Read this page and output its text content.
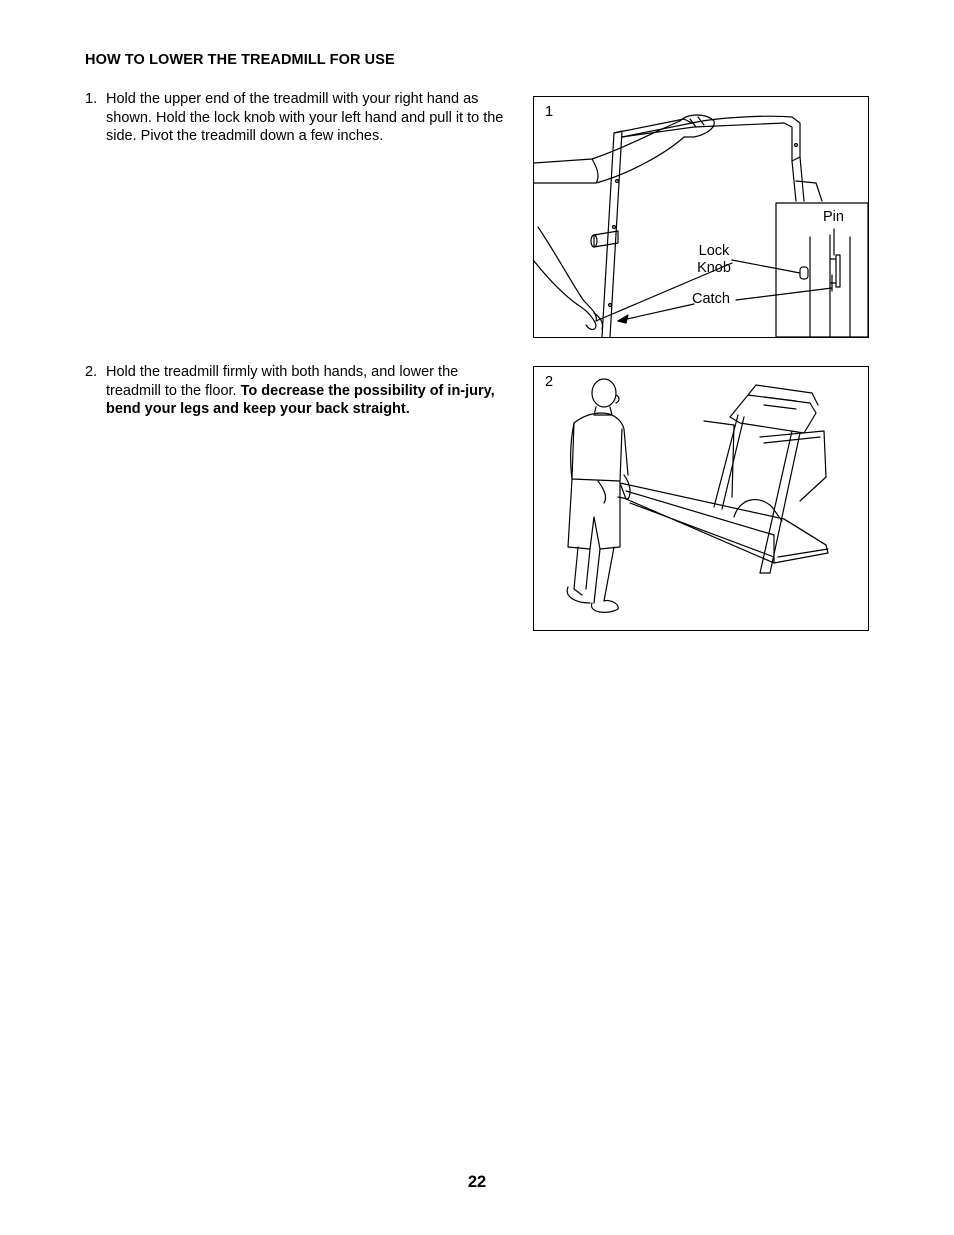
HOW TO LOWER THE TREADMILL FOR USE
1. Hold the upper end of the treadmill with your right hand as shown. Hold the lock knob with your left hand and pull it to the side. Pivot the treadmill down a few inches.
2. Hold the treadmill firmly with both hands, and lower the treadmill to the floor. To decrease the possibility of in-jury, bend your legs and keep your back straight.
1
Pin
Lock Knob
Catch
2
22
